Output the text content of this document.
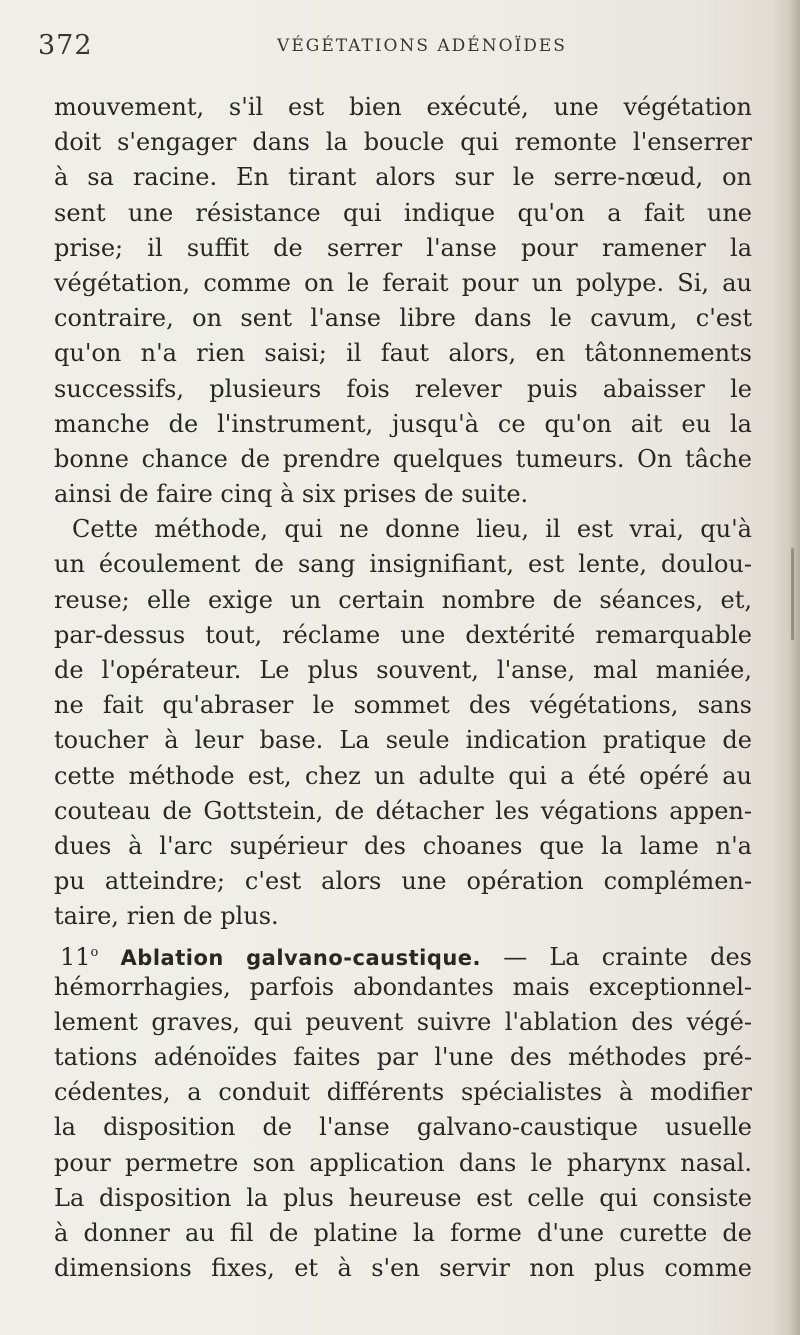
372	VÉGÉTATIONS ADÉNOÏDES
mouvement, s'il est bien exécuté, une végétation
doit s'engager dans la boucle qui remonte l'enserrer
à sa racine. En tirant alors sur le serre-nœud, on
sent une résistance qui indique qu'on a fait une
prise; il suffit de serrer l'anse pour ramener la
végétation, comme on le ferait pour un polype. Si, au
contraire, on sent l'anse libre dans le cavum, c'est
qu'on n'a rien saisi; il faut alors, en tâtonnements
successifs, plusieurs fois relever puis abaisser le
manche de l'instrument, jusqu'à ce qu'on ait eu la
bonne chance de prendre quelques tumeurs. On tâche
ainsi de faire cinq à six prises de suite.
Cette méthode, qui ne donne lieu, il est vrai, qu'à
un écoulement de sang insignifiant, est lente, doulou-
reuse; elle exige un certain nombre de séances, et,
par-dessus tout, réclame une dextérité remarquable
de l'opérateur. Le plus souvent, l'anse, mal maniée,
ne fait qu'abraser le sommet des végétations, sans
toucher à leur base. La seule indication pratique de
cette méthode est, chez un adulte qui a été opéré au
couteau de Gottstein, de détacher les végations appen-
dues à l'arc supérieur des choanes que la lame n'a
pu atteindre; c'est alors une opération complémen-
taire, rien de plus.
11$^o$ Ablation galvano-caustique. — La crainte des
hémorrhagies, parfois abondantes mais exceptionnel-
lement graves, qui peuvent suivre l'ablation des végé-
tations adénoïdes faites par l'une des méthodes pré-
cédentes, a conduit différents spécialistes à modifier
la disposition de l'anse galvano-caustique usuelle
pour permetre son application dans le pharynx nasal.
La disposition la plus heureuse est celle qui consiste
à donner au fil de platine la forme d'une curette de
dimensions fixes, et à s'en servir non plus comme
